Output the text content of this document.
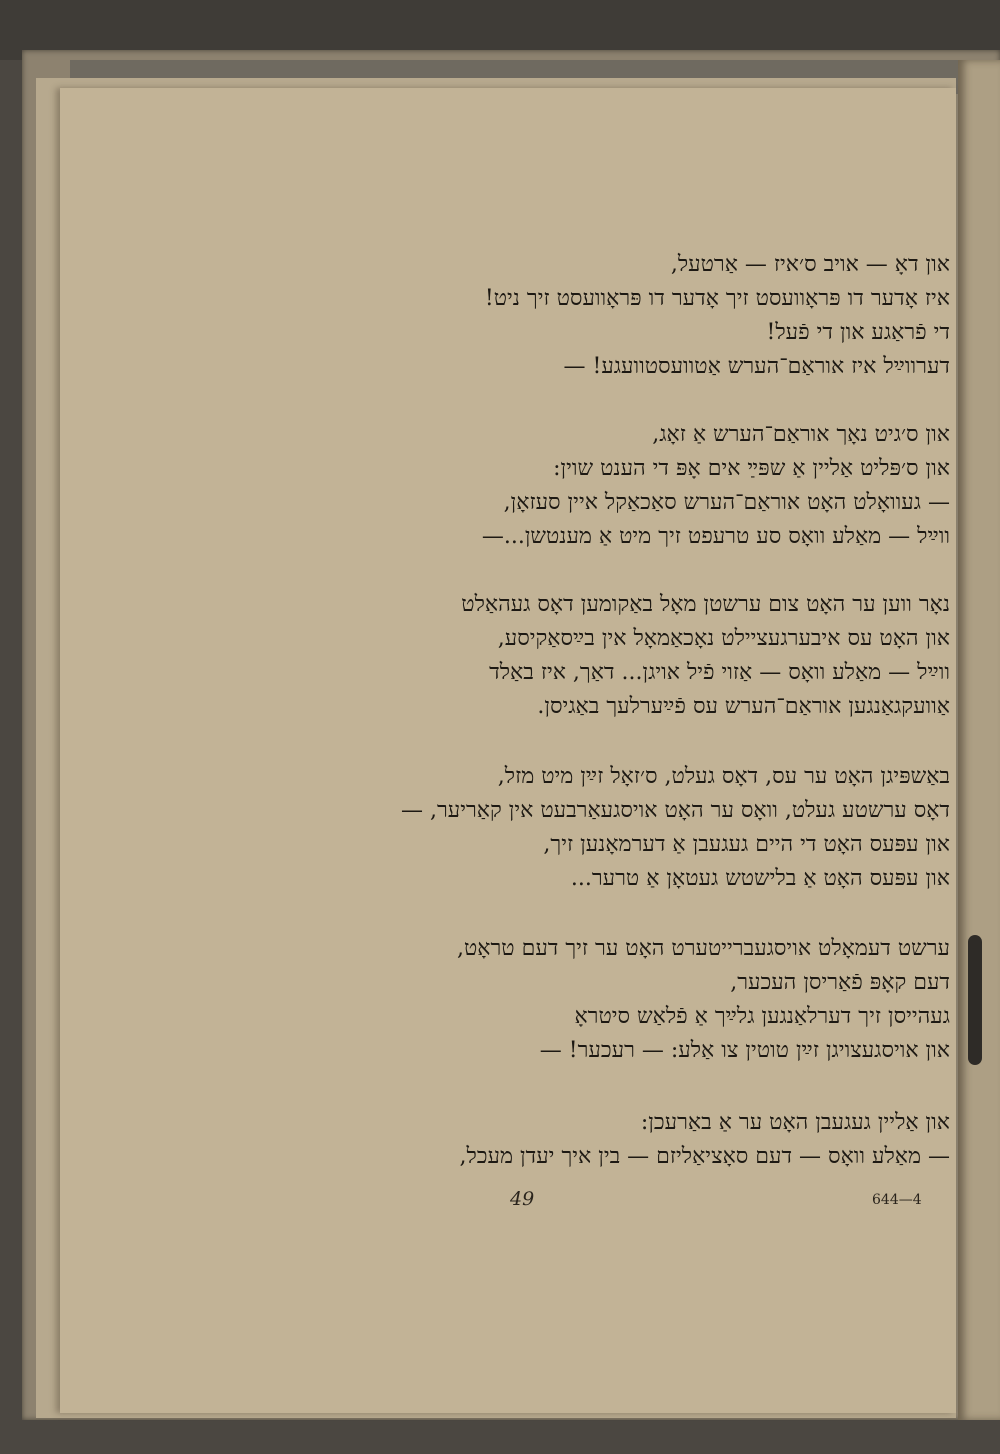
און דאָ — אויב ס׳איז — אַרטעל,
איז אָדער דו פּראָוועסט זיך אָדער דו פּראָוועסט זיך ניט!
די פֿראַגע און די פֿעל!
דערווײַל איז אוראַם־הערש אַטוועסטוועגע! —
און ס׳גיט נאָך אוראַם־הערש אַ זאָג,
און ס׳פּליט אַליין אַ שפּײַ אים אָפּ די הענט שוין:
— געוואָלט האָט אוראַם־הערש סאַכאַקל איין סעזאָן,
ווײַל — מאַלע וואָס סע טרעפט זיך מיט אַ מענטשן...—
נאָר ווען ער האָט צום ערשטן מאָל באַקומען דאָס געהאַלט
און האָט עס איבערגעציילט נאָכאַמאָל אין בײַסאַקיסע,
ווײַל — מאַלע וואָס — אַזוי פֿיל אויגן... דאַך, איז באַלד
אַוועקגאַנגען אוראַם־הערש עס פֿײַערלעך באַגיסן.
באַשפּיגן האָט ער עס, דאָס געלט, ס׳זאָל זײַן מיט מזל,
דאָס ערשטע געלט, וואָס ער האָט אויסגעאַרבעט אין קאַריער, —
און עפּעס האָט די היים געגעבן אַ דערמאָנען זיך,
און עפּעס האָט אַ בלישטש געטאָן אַ טרער...
ערשט דעמאָלט אויסגעברייטערט האָט ער זיך דעם טראָט,
דעם קאָפּ פֿאַריסן העכער,
געהייסן זיך דערלאַנגען גלײַך אַ פֿלאַש סיטראָ
און אויסגעצויגן זײַן טוטין צו אַלע: — רעכער! —
און אַליין געגעבן האָט ער אַ באַרעכן:
— מאַלע וואָס — דעם סאָציאַליזם — בין איך יעדן מעכל,
49	644—4
